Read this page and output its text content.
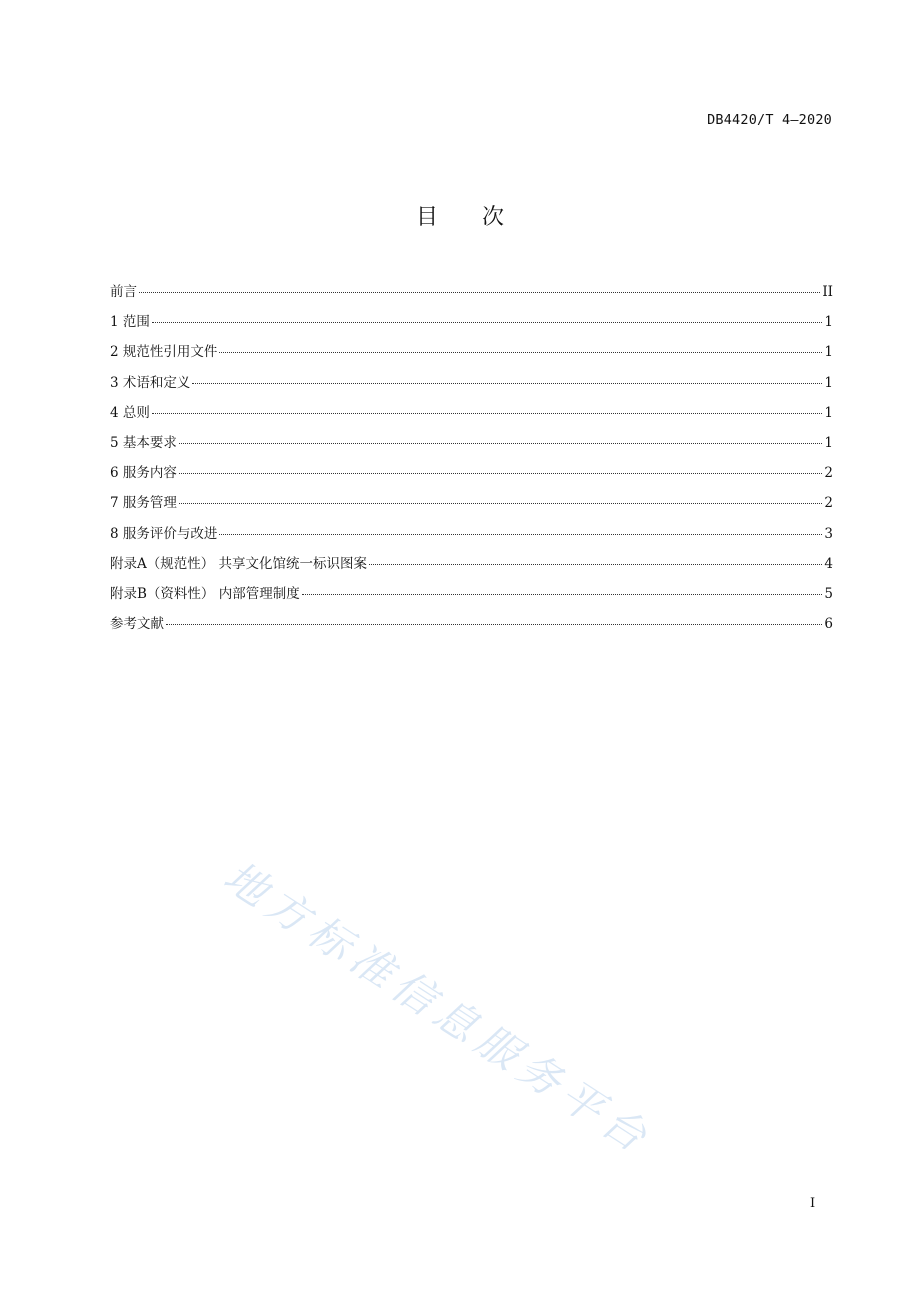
DB4420/T 4—2020
目 次
前言	II
1 范围	1
2 规范性引用文件	1
3 术语和定义	1
4 总则	1
5 基本要求	1
6 服务内容	2
7 服务管理	2
8 服务评价与改进	3
附录A（规范性） 共享文化馆统一标识图案	4
附录B（资料性） 内部管理制度	5
参考文献	6
地方标准信息服务平台
I
